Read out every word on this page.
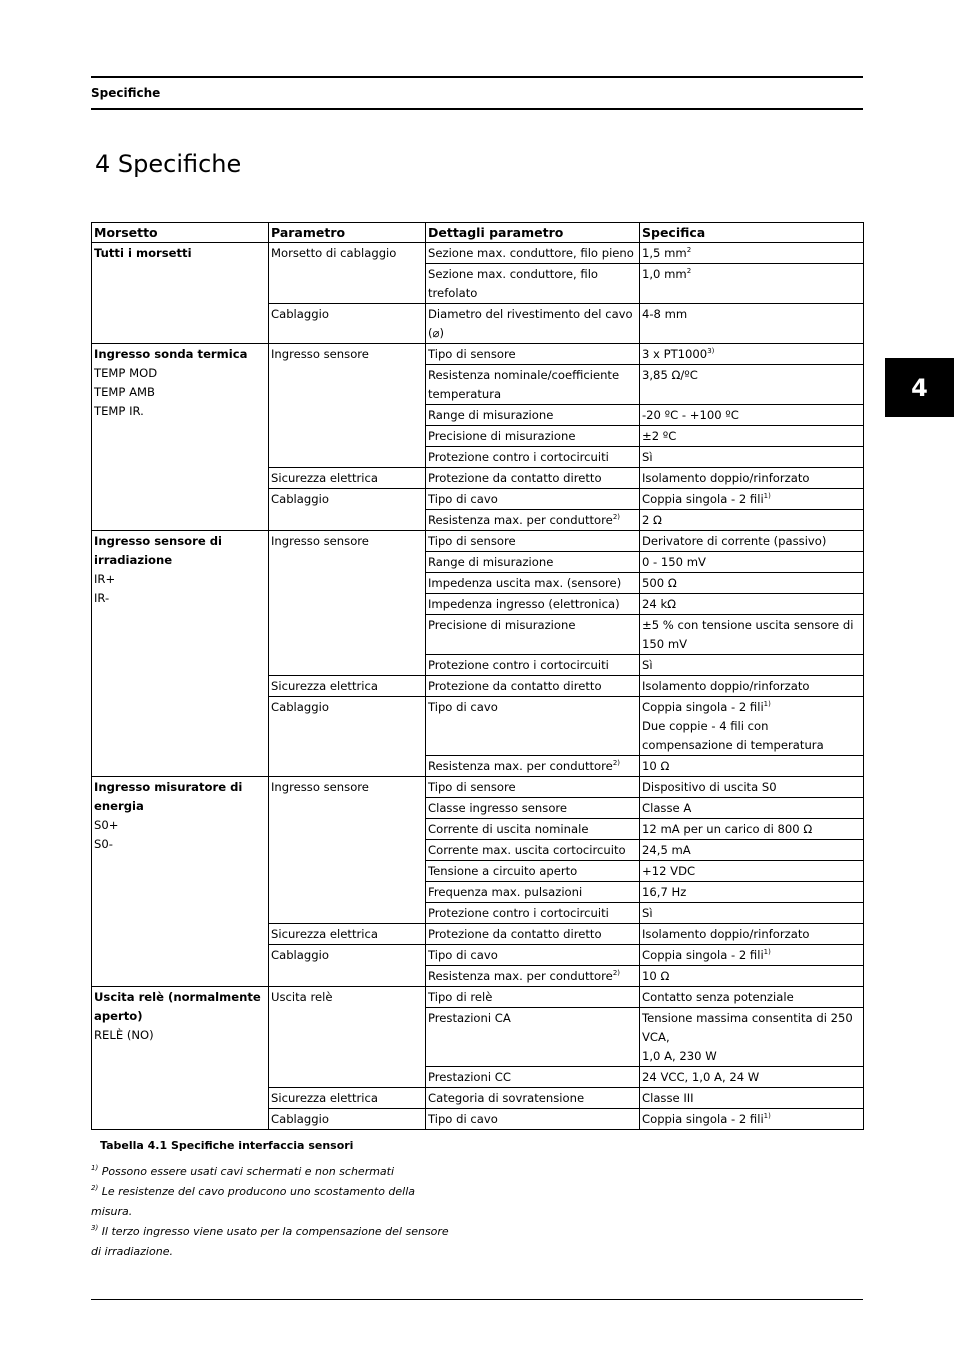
Specifiche
4 Specifiche
4
Morsetto	Parametro	Dettagli parametro	Specifica

Tutti i morsetti	Morsetto di cablaggio	Sezione max. conduttore, filo pieno	1,5 $mm^2$
		Sezione max. conduttore, filo trefolato	1,0 $mm^2$
	Cablaggio	Diametro del rivestimento del cavo (⌀)	4-8 mm

Ingresso sonda termica
TEMP MOD
TEMP AMB
TEMP IR.	Ingresso sensore	Tipo di sensore	3 x PT1000$^{3)}$
		Resistenza nominale/coefficiente temperatura	3,85 Ω/ºC
		Range di misurazione	-20 ºC - +100 ºC
		Precisione di misurazione	±2 ºC
		Protezione contro i cortocircuiti	Sì
	Sicurezza elettrica	Protezione da contatto diretto	Isolamento doppio/rinforzato
	Cablaggio	Tipo di cavo	Coppia singola - 2 fili$^{1)}$
		Resistenza max. per conduttore$^{2)}$	2 Ω

Ingresso sensore di irradiazione
IR+
IR-	Ingresso sensore	Tipo di sensore	Derivatore di corrente (passivo)
		Range di misurazione	0 - 150 mV
		Impedenza uscita max. (sensore)	500 Ω
		Impedenza ingresso (elettronica)	24 kΩ
		Precisione di misurazione	±5 % con tensione uscita sensore di 150 mV
		Protezione contro i cortocircuiti	Sì
	Sicurezza elettrica	Protezione da contatto diretto	Isolamento doppio/rinforzato
	Cablaggio	Tipo di cavo	Coppia singola - 2 fili$^{1)}$
Due coppie - 4 fili con compensazione di temperatura
		Resistenza max. per conduttore$^{2)}$	10 Ω

Ingresso misuratore di energia
S0+
S0-	Ingresso sensore	Tipo di sensore	Dispositivo di uscita S0
		Classe ingresso sensore	Classe A
		Corrente di uscita nominale	12 mA per un carico di 800 Ω
		Corrente max. uscita cortocircuito	24,5 mA
		Tensione a circuito aperto	+12 VDC
		Frequenza max. pulsazioni	16,7 Hz
		Protezione contro i cortocircuiti	Sì
	Sicurezza elettrica	Protezione da contatto diretto	Isolamento doppio/rinforzato
	Cablaggio	Tipo di cavo	Coppia singola - 2 fili$^{1)}$
		Resistenza max. per conduttore$^{2)}$	10 Ω

Uscita relè (normalmente aperto)
RELÈ (NO)	Uscita relè	Tipo di relè	Contatto senza potenziale
		Prestazioni CA	Tensione massima consentita di 250 VCA,
1,0 A, 230 W
		Prestazioni CC	24 VCC, 1,0 A, 24 W
	Sicurezza elettrica	Categoria di sovratensione	Classe III
	Cablaggio	Tipo di cavo	Coppia singola - 2 fili$^{1)}$
Tabella 4.1 Specifiche interfaccia sensori
$^{1)}$ Possono essere usati cavi schermati e non schermati
$^{2)}$ Le resistenze del cavo producono uno scostamento della misura.
$^{3)}$ Il terzo ingresso viene usato per la compensazione del sensore di irradiazione.
